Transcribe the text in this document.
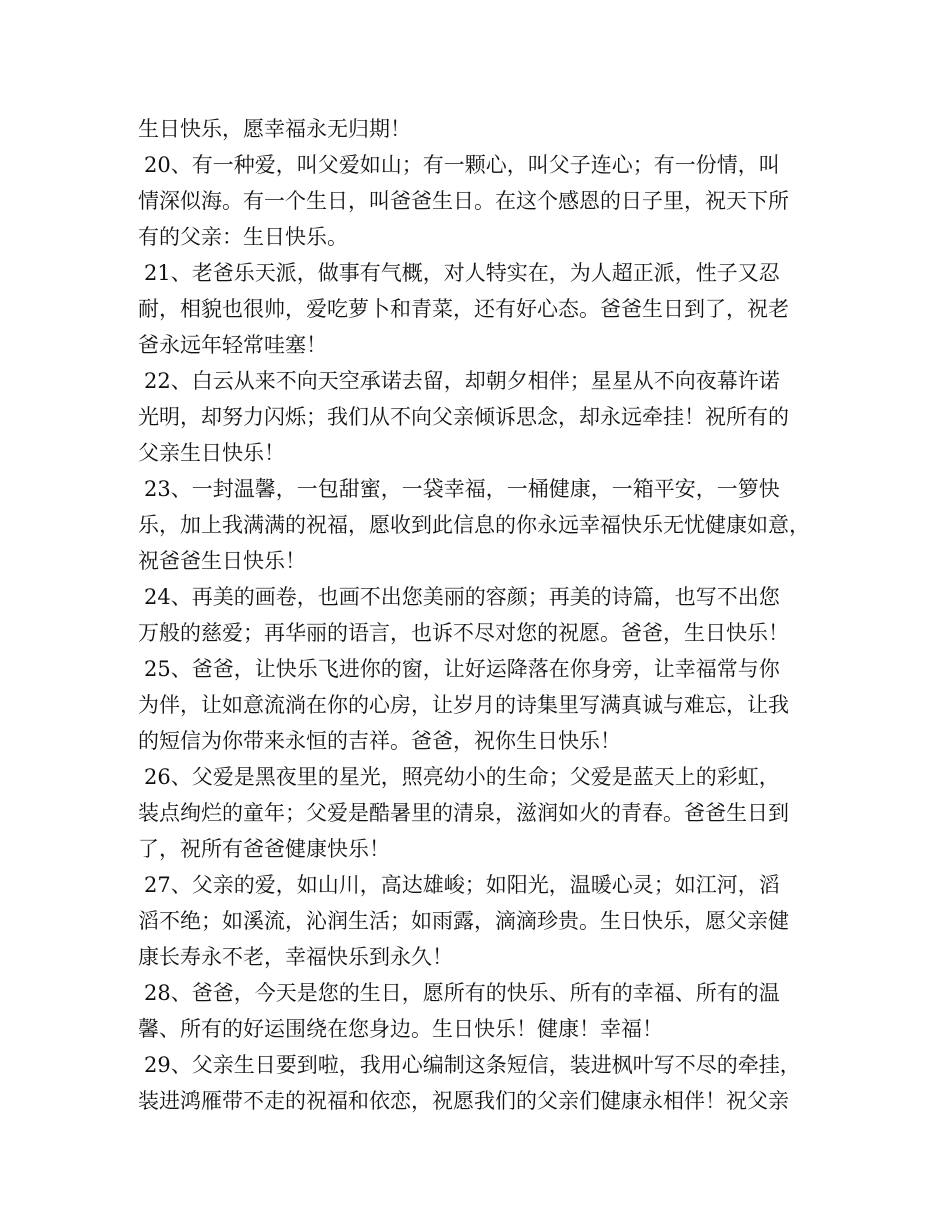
生日快乐，愿幸福永无归期！
20、有一种爱，叫父爱如山；有一颗心，叫父子连心；有一份情，叫
情深似海。有一个生日，叫爸爸生日。在这个感恩的日子里，祝天下所
有的父亲：生日快乐。
21、老爸乐天派，做事有气概，对人特实在，为人超正派，性子又忍
耐，相貌也很帅，爱吃萝卜和青菜，还有好心态。爸爸生日到了，祝老
爸永远年轻常哇塞！
22、白云从来不向天空承诺去留，却朝夕相伴；星星从不向夜幕许诺
光明，却努力闪烁；我们从不向父亲倾诉思念，却永远牵挂！祝所有的
父亲生日快乐！
23、一封温馨，一包甜蜜，一袋幸福，一桶健康，一箱平安，一箩快
乐，加上我满满的祝福，愿收到此信息的你永远幸福快乐无忧健康如意，
祝爸爸生日快乐！
24、再美的画卷，也画不出您美丽的容颜；再美的诗篇，也写不出您
万般的慈爱；再华丽的语言，也诉不尽对您的祝愿。爸爸，生日快乐！
25、爸爸，让快乐飞进你的窗，让好运降落在你身旁，让幸福常与你
为伴，让如意流淌在你的心房，让岁月的诗集里写满真诚与难忘，让我
的短信为你带来永恒的吉祥。爸爸，祝你生日快乐！
26、父爱是黑夜里的星光，照亮幼小的生命；父爱是蓝天上的彩虹，
装点绚烂的童年；父爱是酷暑里的清泉，滋润如火的青春。爸爸生日到
了，祝所有爸爸健康快乐！
27、父亲的爱，如山川，高达雄峻；如阳光，温暖心灵；如江河，滔
滔不绝；如溪流，沁润生活；如雨露，滴滴珍贵。生日快乐，愿父亲健
康长寿永不老，幸福快乐到永久！
28、爸爸，今天是您的生日，愿所有的快乐、所有的幸福、所有的温
馨、所有的好运围绕在您身边。生日快乐！健康！幸福！
29、父亲生日要到啦，我用心编制这条短信，装进枫叶写不尽的牵挂，
装进鸿雁带不走的祝福和依恋，祝愿我们的父亲们健康永相伴！祝父亲
